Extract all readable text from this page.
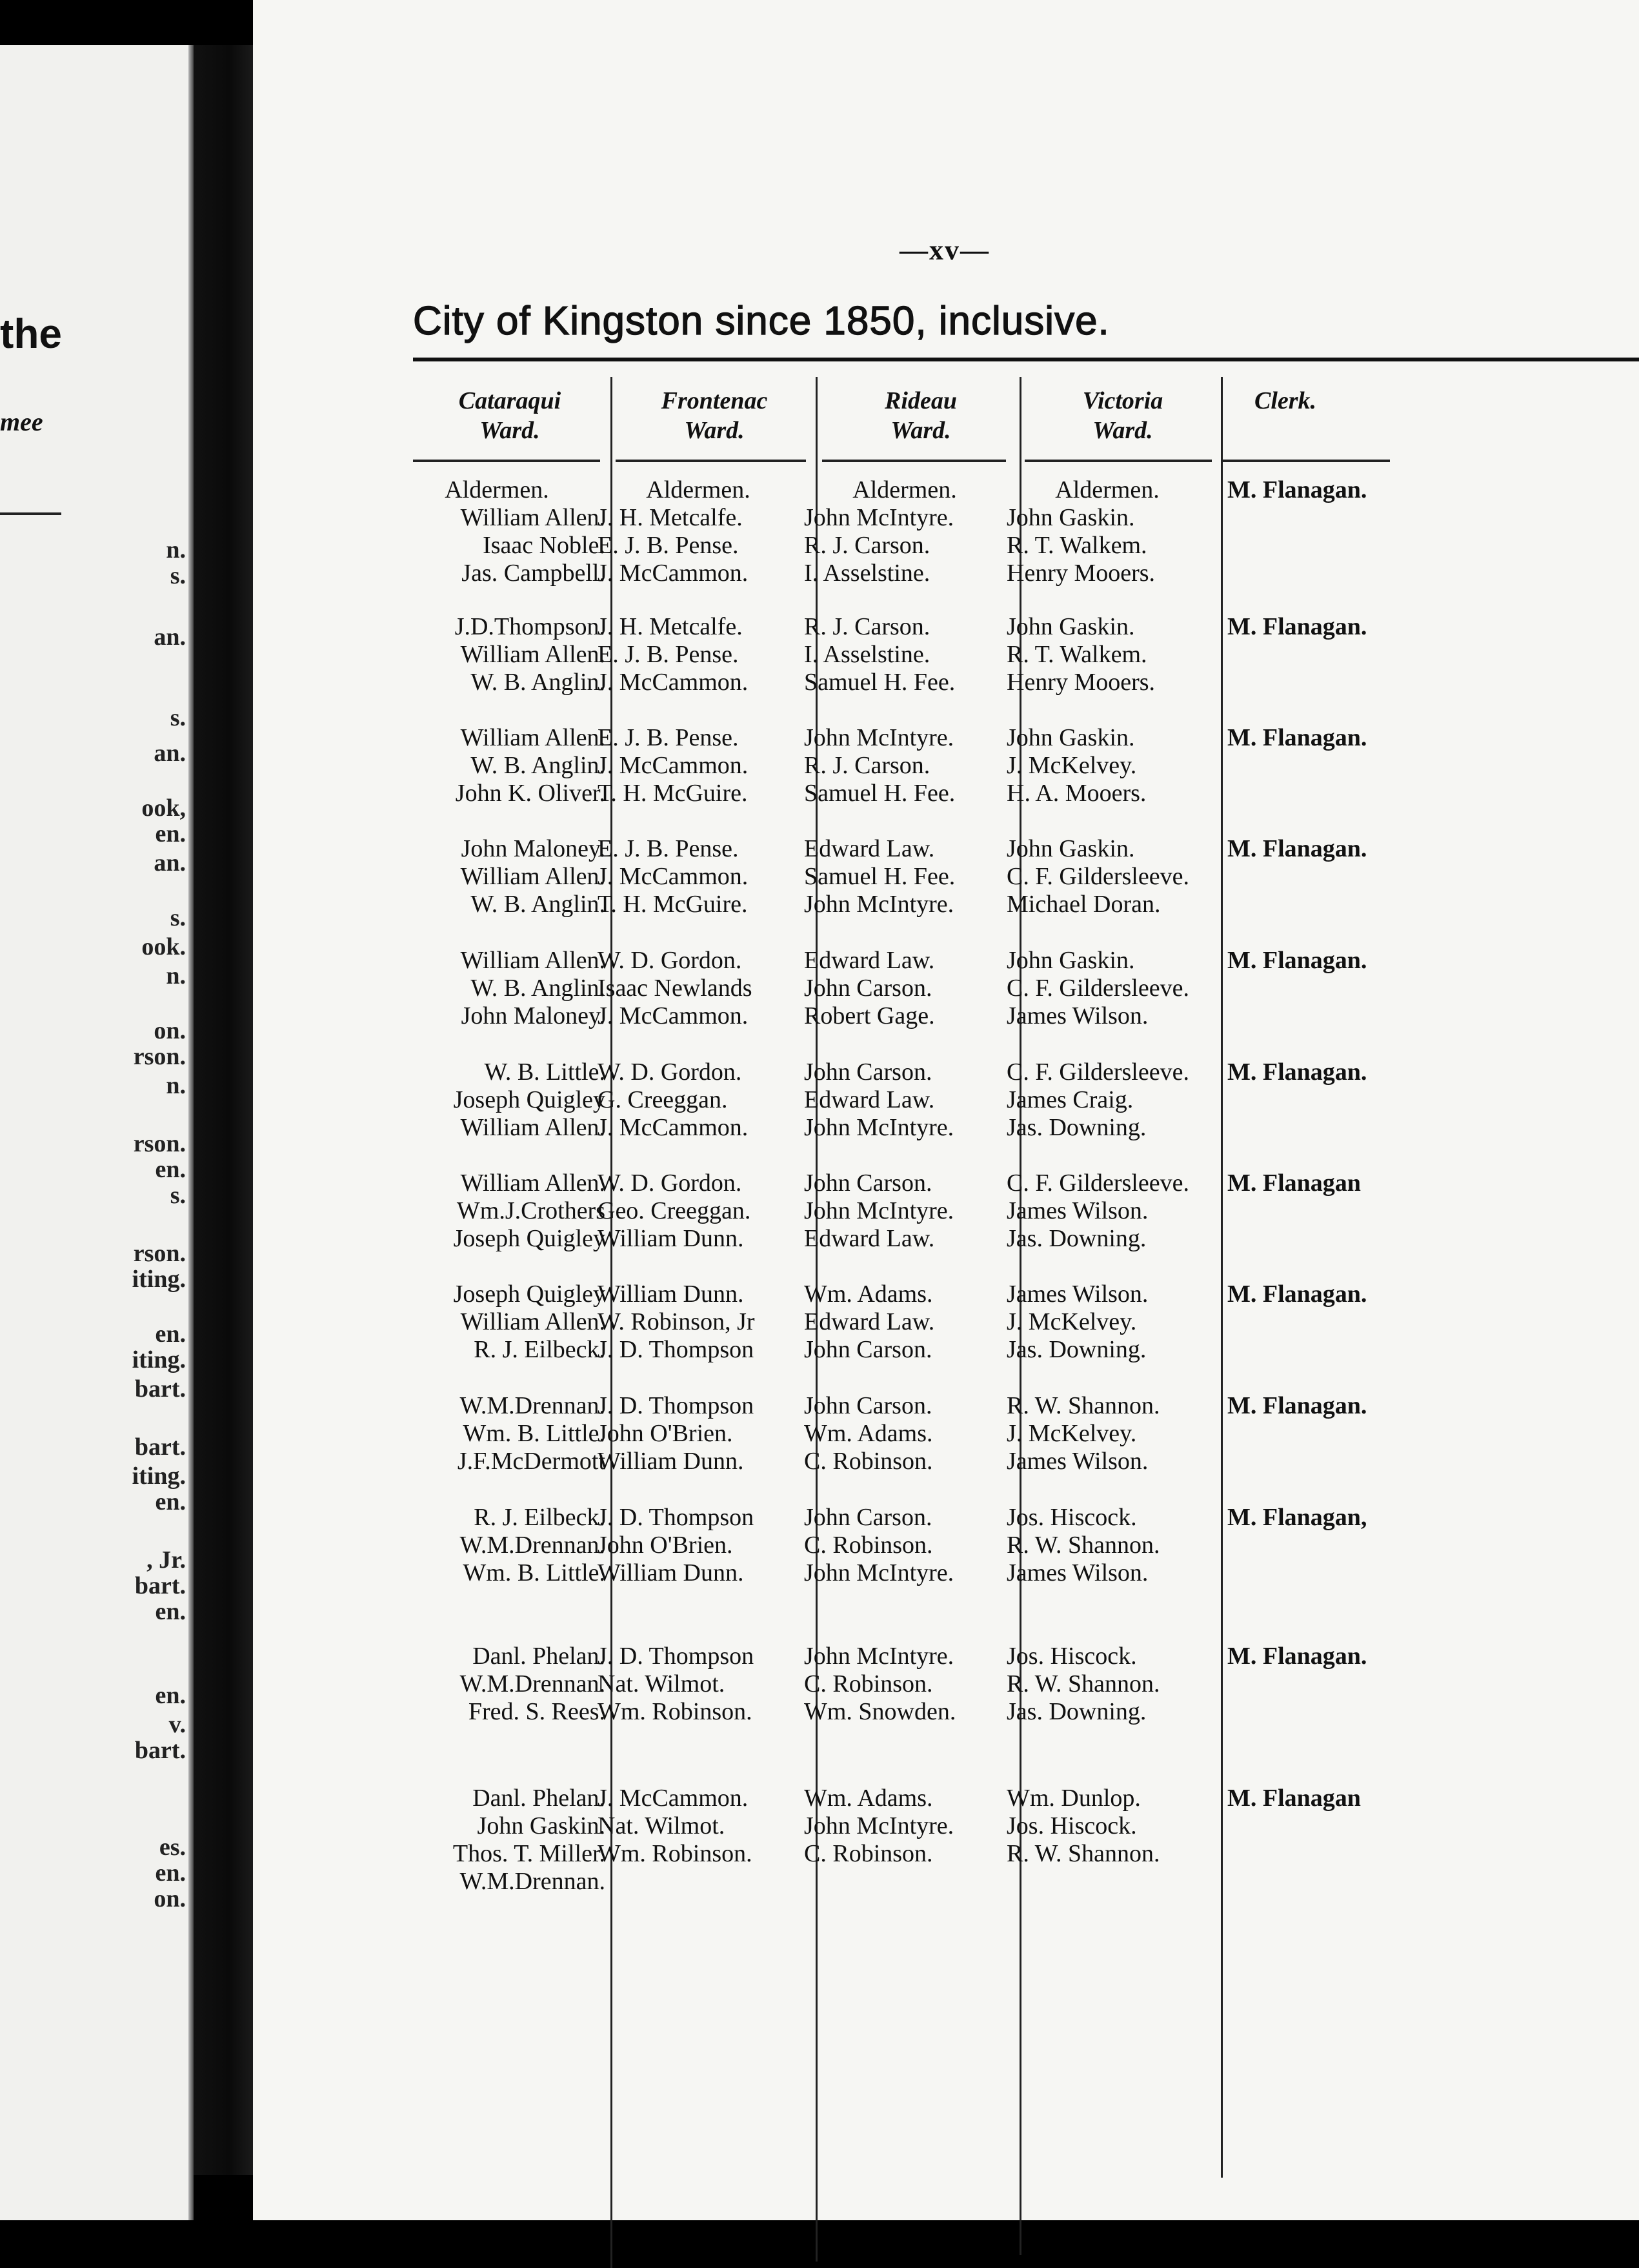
the
mee
n.
s.
an.
s.
an.
ook,
en.
an.
s.
ook.
n.
on.
rson.
n.
rson.
en.
s.
rson.
iting.
en.
iting.
bart.
bart.
iting.
en.
, Jr.
bart.
en.
en.
v.
bart.
es.
en.
on.
—xv—
City of Kingston since 1850, inclusive.
Cataraqui
Ward.
Frontenac
Ward.
Rideau
Ward.
Victoria
Ward.
Clerk.
Aldermen.
William Allen.
Isaac Noble.
Jas. Campbell.
Aldermen.
J. H. Metcalfe.
E. J. B. Pense.
J. McCammon.
Aldermen.
John McIntyre.
R. J. Carson.
I. Asselstine.
Aldermen.
John Gaskin.
R. T. Walkem.
Henry Mooers.
M. Flanagan.
J.D.Thompson.
William Allen.
W. B. Anglin.
J. H. Metcalfe.
E. J. B. Pense.
J. McCammon.
R. J. Carson.
I. Asselstine.
Samuel H. Fee.
John Gaskin.
R. T. Walkem.
Henry Mooers.
M. Flanagan.
William Allen.
W. B. Anglin.
John K. Oliver.
E. J. B. Pense.
J. McCammon.
T. H. McGuire.
John McIntyre.
R. J. Carson.
Samuel H. Fee.
John Gaskin.
J. McKelvey.
H. A. Mooers.
M. Flanagan.
John Maloney.
William Allen.
W. B. Anglin.
E. J. B. Pense.
J. McCammon.
T. H. McGuire.
Edward Law.
Samuel H. Fee.
John McIntyre.
John Gaskin.
C. F. Gildersleeve.
Michael Doran.
M. Flanagan.
William Allen.
W. B. Anglin.
John Maloney.
W. D. Gordon.
Isaac Newlands
J. McCammon.
Edward Law.
John Carson.
Robert Gage.
John Gaskin.
C. F. Gildersleeve.
James Wilson.
M. Flanagan.
W. B. Little.
Joseph Quigley
William Allen.
W. D. Gordon.
G. Creeggan.
J. McCammon.
John Carson.
Edward Law.
John McIntyre.
C. F. Gildersleeve.
James Craig.
Jas. Downing.
M. Flanagan.
William Allen.
Wm.J.Crothers
Joseph Quigley
W. D. Gordon.
Geo. Creeggan.
William Dunn.
John Carson.
John McIntyre.
Edward Law.
C. F. Gildersleeve.
James Wilson.
Jas. Downing.
M. Flanagan
Joseph Quigley
William Allen.
R. J. Eilbeck.
William Dunn.
W. Robinson, Jr
J. D. Thompson
Wm. Adams.
Edward Law.
John Carson.
James Wilson.
J. McKelvey.
Jas. Downing.
M. Flanagan.
W.M.Drennan.
Wm. B. Little.
J.F.McDermott
J. D. Thompson
John O'Brien.
William Dunn.
John Carson.
Wm. Adams.
C. Robinson.
R. W. Shannon.
J. McKelvey.
James Wilson.
M. Flanagan.
R. J. Eilbeck.
W.M.Drennan.
Wm. B. Little.
J. D. Thompson
John O'Brien.
William Dunn.
John Carson.
C. Robinson.
John McIntyre.
Jos. Hiscock.
R. W. Shannon.
James Wilson.
M. Flanagan,
Danl. Phelan.
W.M.Drennan.
Fred. S. Rees.
J. D. Thompson
Nat. Wilmot.
Wm. Robinson.
John McIntyre.
C. Robinson.
Wm. Snowden.
Jos. Hiscock.
R. W. Shannon.
Jas. Downing.
M. Flanagan.
Danl. Phelan.
John Gaskin.
Thos. T. Miller.
W.M.Drennan.
J. McCammon.
Nat. Wilmot.
Wm. Robinson.
Wm. Adams.
John McIntyre.
C. Robinson.
Wm. Dunlop.
Jos. Hiscock.
R. W. Shannon.
M. Flanagan
